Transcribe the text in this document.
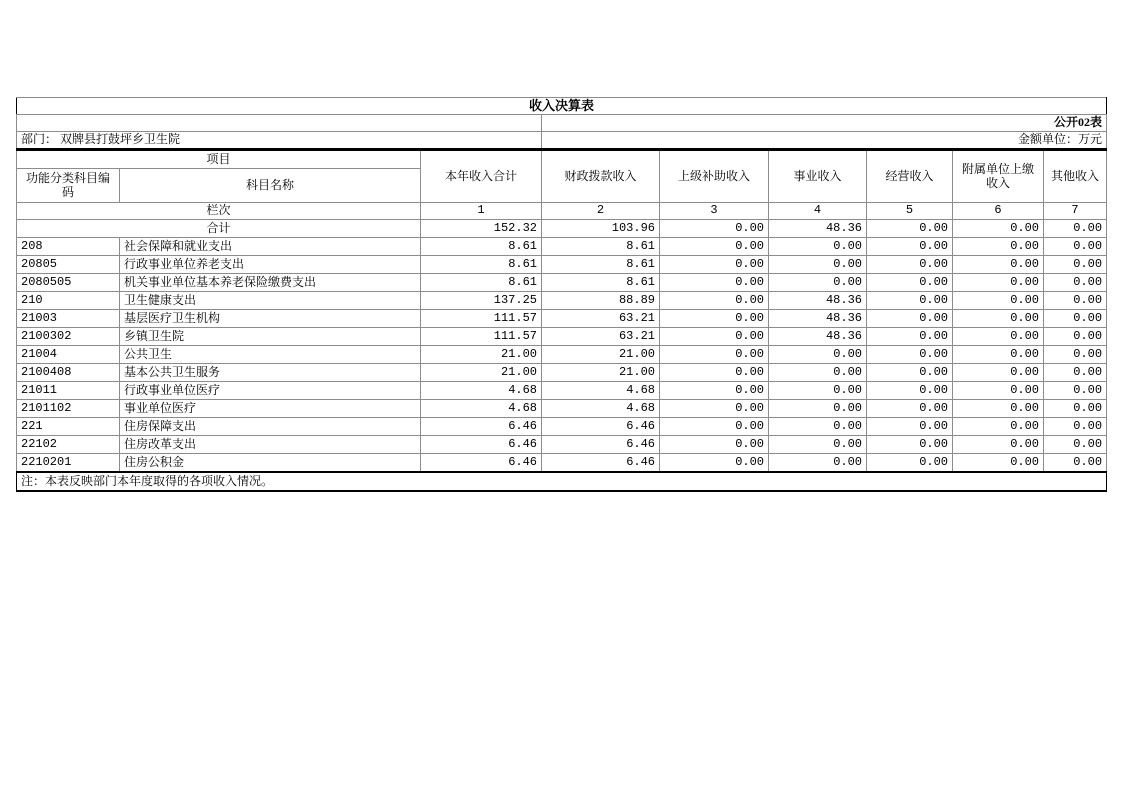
收入决算表								
			公开02表					
部门： 双牌县打鼓坪乡卫生院			金额单位：万元					
项目		本年收入合计	财政拨款收入	上级补助收入	事业收入	经营收入	附属单位上缴收入	其他收入
功能分类科目编码	科目名称							
栏次		1	2	3	4	5	6	7
合计		152.32	103.96	0.00	48.36	0.00	0.00	0.00
208	社会保障和就业支出	8.61	8.61	0.00	0.00	0.00	0.00	0.00
20805	行政事业单位养老支出	8.61	8.61	0.00	0.00	0.00	0.00	0.00
2080505	机关事业单位基本养老保险缴费支出	8.61	8.61	0.00	0.00	0.00	0.00	0.00
210	卫生健康支出	137.25	88.89	0.00	48.36	0.00	0.00	0.00
21003	基层医疗卫生机构	111.57	63.21	0.00	48.36	0.00	0.00	0.00
2100302	乡镇卫生院	111.57	63.21	0.00	48.36	0.00	0.00	0.00
21004	公共卫生	21.00	21.00	0.00	0.00	0.00	0.00	0.00
2100408	基本公共卫生服务	21.00	21.00	0.00	0.00	0.00	0.00	0.00
21011	行政事业单位医疗	4.68	4.68	0.00	0.00	0.00	0.00	0.00
2101102	事业单位医疗	4.68	4.68	0.00	0.00	0.00	0.00	0.00
221	住房保障支出	6.46	6.46	0.00	0.00	0.00	0.00	0.00
22102	住房改革支出	6.46	6.46	0.00	0.00	0.00	0.00	0.00
2210201	住房公积金	6.46	6.46	0.00	0.00	0.00	0.00	0.00
注：本表反映部门本年度取得的各项收入情况。								
